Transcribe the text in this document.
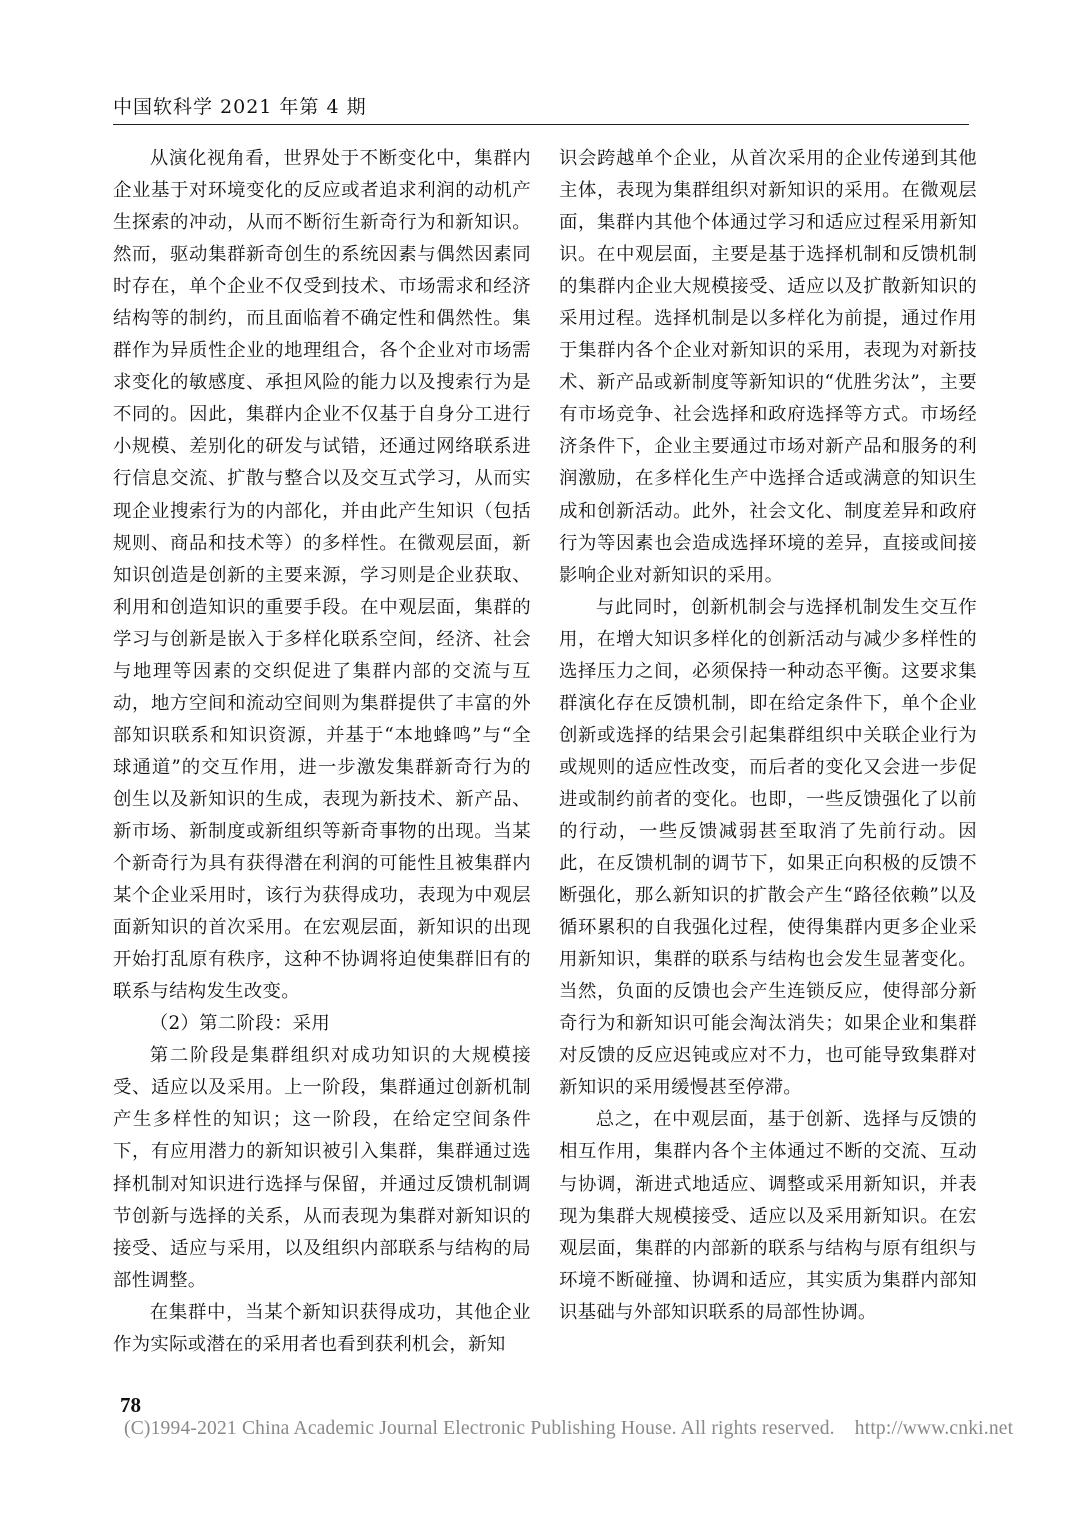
中国软科学 2021 年第 4 期

从演化视角看，世界处于不断变化中，集群内企业基于对环境变化的反应或者追求利润的动机产生探索的冲动，从而不断衍生新奇行为和新知识。然而，驱动集群新奇创生的系统因素与偶然因素同时存在，单个企业不仅受到技术、市场需求和经济结构等的制约，而且面临着不确定性和偶然性。集群作为异质性企业的地理组合，各个企业对市场需求变化的敏感度、承担风险的能力以及搜索行为是不同的。因此，集群内企业不仅基于自身分工进行小规模、差别化的研发与试错，还通过网络联系进行信息交流、扩散与整合以及交互式学习，从而实现企业搜索行为的内部化，并由此产生知识（包括规则、商品和技术等）的多样性。在微观层面，新知识创造是创新的主要来源，学习则是企业获取、利用和创造知识的重要手段。在中观层面，集群的学习与创新是嵌入于多样化联系空间，经济、社会与地理等因素的交织促进了集群内部的交流与互动，地方空间和流动空间则为集群提供了丰富的外部知识联系和知识资源，并基于“本地蜂鸣”与“全球通道”的交互作用，进一步激发集群新奇行为的创生以及新知识的生成，表现为新技术、新产品、新市场、新制度或新组织等新奇事物的出现。当某个新奇行为具有获得潜在利润的可能性且被集群内某个企业采用时，该行为获得成功，表现为中观层面新知识的首次采用。在宏观层面，新知识的出现开始打乱原有秩序，这种不协调将迫使集群旧有的联系与结构发生改变。

（2）第二阶段：采用

第二阶段是集群组织对成功知识的大规模接受、适应以及采用。上一阶段，集群通过创新机制产生多样性的知识；这一阶段，在给定空间条件下，有应用潜力的新知识被引入集群，集群通过选择机制对知识进行选择与保留，并通过反馈机制调节创新与选择的关系，从而表现为集群对新知识的接受、适应与采用，以及组织内部联系与结构的局部性调整。

在集群中，当某个新知识获得成功，其他企业作为实际或潜在的采用者也看到获利机会，新知

识会跨越单个企业，从首次采用的企业传递到其他主体，表现为集群组织对新知识的采用。在微观层面，集群内其他个体通过学习和适应过程采用新知识。在中观层面，主要是基于选择机制和反馈机制的集群内企业大规模接受、适应以及扩散新知识的采用过程。选择机制是以多样化为前提，通过作用于集群内各个企业对新知识的采用，表现为对新技术、新产品或新制度等新知识的“优胜劣汰”，主要有市场竞争、社会选择和政府选择等方式。市场经济条件下，企业主要通过市场对新产品和服务的利润激励，在多样化生产中选择合适或满意的知识生成和创新活动。此外，社会文化、制度差异和政府行为等因素也会造成选择环境的差异，直接或间接影响企业对新知识的采用。

与此同时，创新机制会与选择机制发生交互作用，在增大知识多样化的创新活动与减少多样性的选择压力之间，必须保持一种动态平衡。这要求集群演化存在反馈机制，即在给定条件下，单个企业创新或选择的结果会引起集群组织中关联企业行为或规则的适应性改变，而后者的变化又会进一步促进或制约前者的变化。也即，一些反馈强化了以前的行动，一些反馈减弱甚至取消了先前行动。因此，在反馈机制的调节下，如果正向积极的反馈不断强化，那么新知识的扩散会产生“路径依赖”以及循环累积的自我强化过程，使得集群内更多企业采用新知识，集群的联系与结构也会发生显著变化。当然，负面的反馈也会产生连锁反应，使得部分新奇行为和新知识可能会淘汰消失；如果企业和集群对反馈的反应迟钝或应对不力，也可能导致集群对新知识的采用缓慢甚至停滞。

总之，在中观层面，基于创新、选择与反馈的相互作用，集群内各个主体通过不断的交流、互动与协调，渐进式地适应、调整或采用新知识，并表现为集群大规模接受、适应以及采用新知识。在宏观层面，集群的内部新的联系与结构与原有组织与环境不断碰撞、协调和适应，其实质为集群内部知识基础与外部知识联系的局部性协调。

78
(C)1994-2021 China Academic Journal Electronic Publishing House. All rights reserved. http://www.cnki.net
